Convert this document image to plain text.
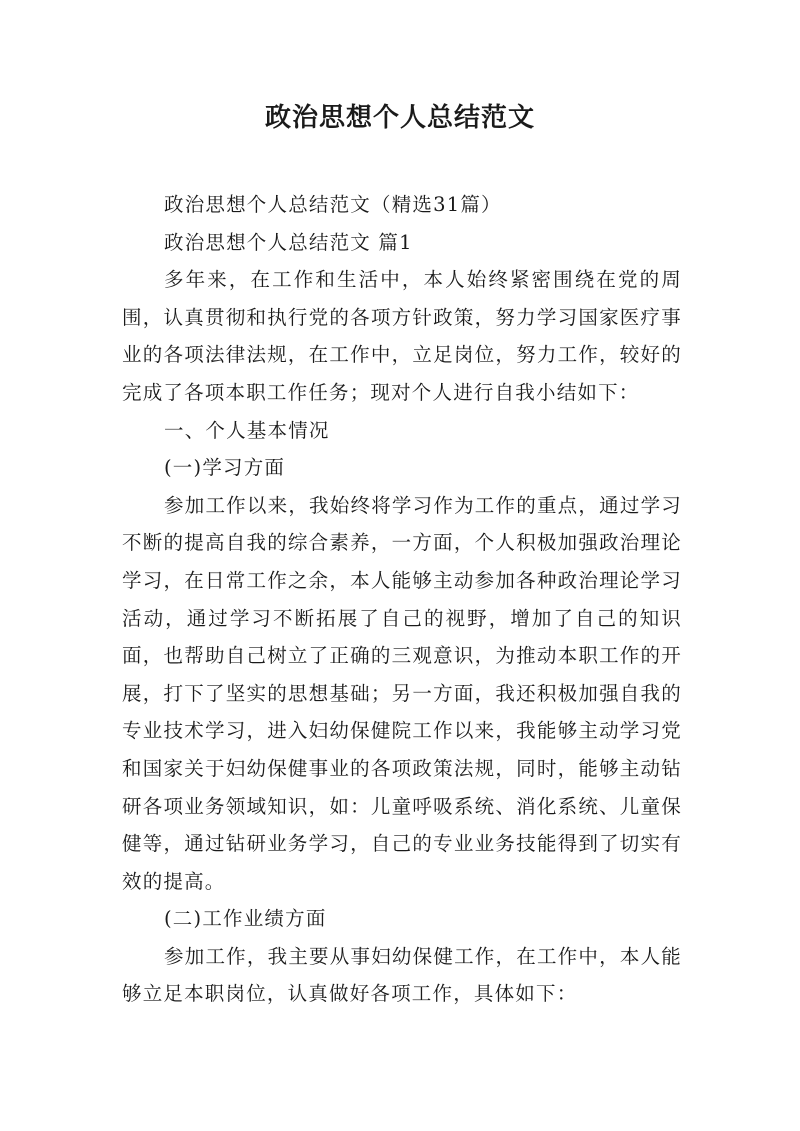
政治思想个人总结范文
政治思想个人总结范文（精选31篇）
政治思想个人总结范文 篇1

多年来，在工作和生活中，本人始终紧密围绕在党的周围，认真贯彻和执行党的各项方针政策，努力学习国家医疗事业的各项法律法规，在工作中，立足岗位，努力工作，较好的完成了各项本职工作任务；现对个人进行自我小结如下：

一、个人基本情况
(一)学习方面

参加工作以来，我始终将学习作为工作的重点，通过学习不断的提高自我的综合素养，一方面，个人积极加强政治理论学习，在日常工作之余，本人能够主动参加各种政治理论学习活动，通过学习不断拓展了自己的视野，增加了自己的知识面，也帮助自己树立了正确的三观意识，为推动本职工作的开展，打下了坚实的思想基础；另一方面，我还积极加强自我的专业技术学习，进入妇幼保健院工作以来，我能够主动学习党和国家关于妇幼保健事业的各项政策法规，同时，能够主动钻研各项业务领域知识，如：儿童呼吸系统、消化系统、儿童保健等，通过钻研业务学习，自己的专业业务技能得到了切实有效的提高。

(二)工作业绩方面

参加工作，我主要从事妇幼保健工作，在工作中，本人能够立足本职岗位，认真做好各项工作，具体如下：
